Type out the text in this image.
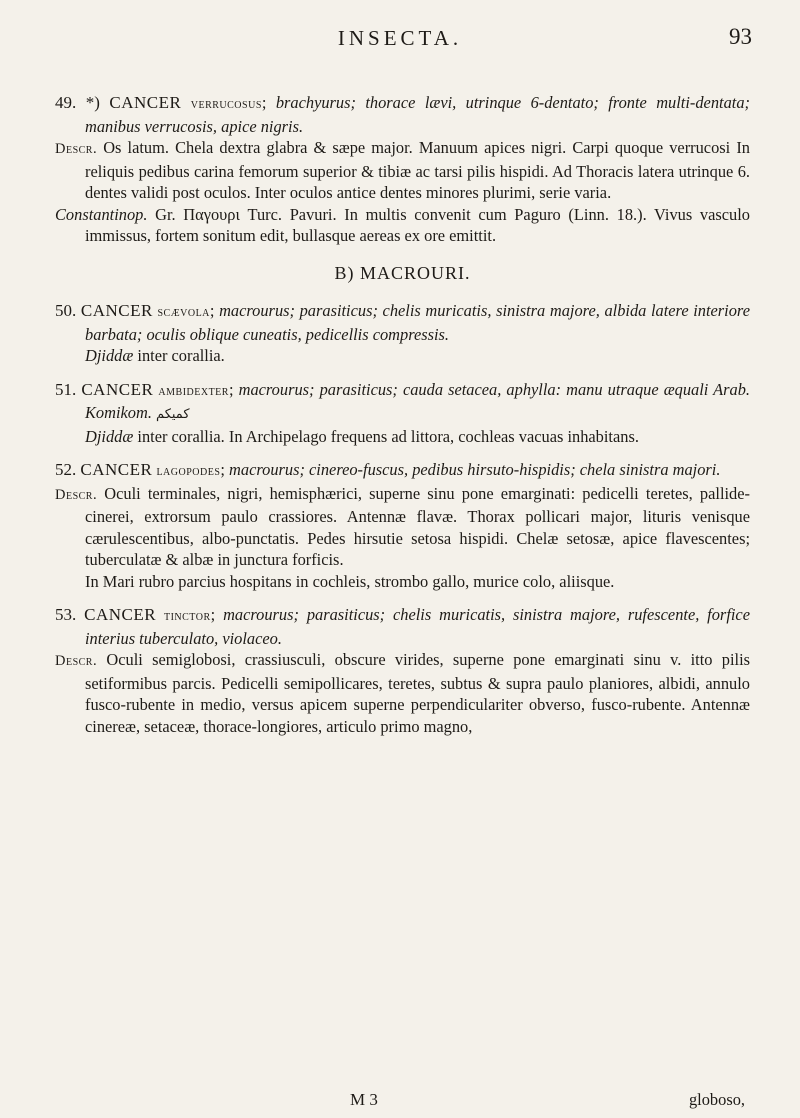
INSECTA.	93
49. *) CANCER verrucosus; brachyurus; thorace lævi, utrinque 6-dentato; fronte multi-dentata; manibus verrucosis, apice nigris.
Descr. Os latum. Chela dextra glabra & sæpe major. Manuum apices nigri. Carpi quoque verrucosi In reliquis pedibus carina femorum superior & tibiæ ac tarsi pilis hispidi. Ad Thoracis latera utrinque 6. dentes validi post oculos. Inter oculos antice dentes minores plurimi, serie varia.
Constantinop. Gr. Παγουρι Turc. Pavuri. In multis convenit cum Paguro (Linn. 18.). Vivus vasculo immissus, fortem sonitum edit, bullasque aereas ex ore emittit.
B) MACROURI.
50. CANCER scævola; macrourus; parasiticus; chelis muricatis, sinistra majore, albida latere interiore barbata; oculis oblique cuneatis, pedicellis compressis.
Djiddæ inter corallia.
51. CANCER ambidexter; macrourus; parasiticus; cauda setacea, aphylla: manu utraque æquali Arab. Komikom. كميكم
Djiddæ inter corallia. In Archipelago frequens ad littora, cochleas vacuas inhabitans.
52. CANCER lagopodes; macrourus; cinereo-fuscus, pedibus hirsuto-hispidis; chela sinistra majori.
Descr. Oculi terminales, nigri, hemisphærici, superne sinu pone emarginati: pedicelli teretes, pallide-cinerei, extrorsum paulo crassiores. Antennæ flavæ. Thorax pollicari major, lituris venisque cærulescentibus, albo-punctatis. Pedes hirsutie setosa hispidi. Chelæ setosæ, apice flavescentes; tuberculatæ & albæ in junctura forficis.
In Mari rubro parcius hospitans in cochleis, strombo gallo, murice colo, aliisque.
53. CANCER tinctor; macrourus; parasiticus; chelis muricatis, sinistra majore, rufescente, forfice interius tuberculato, violaceo.
Descr. Oculi semiglobosi, crassiusculi, obscure virides, superne pone emarginati sinu v. itto pilis setiformibus parcis. Pedicelli semipollicares, teretes, subtus & supra paulo planiores, albidi, annulo fusco-rubente in medio, versus apicem superne perpendiculariter obverso, fusco-rubente. Antennæ cinereæ, setaceæ, thorace-longiores, articulo primo magno,
M 3	globoso,
